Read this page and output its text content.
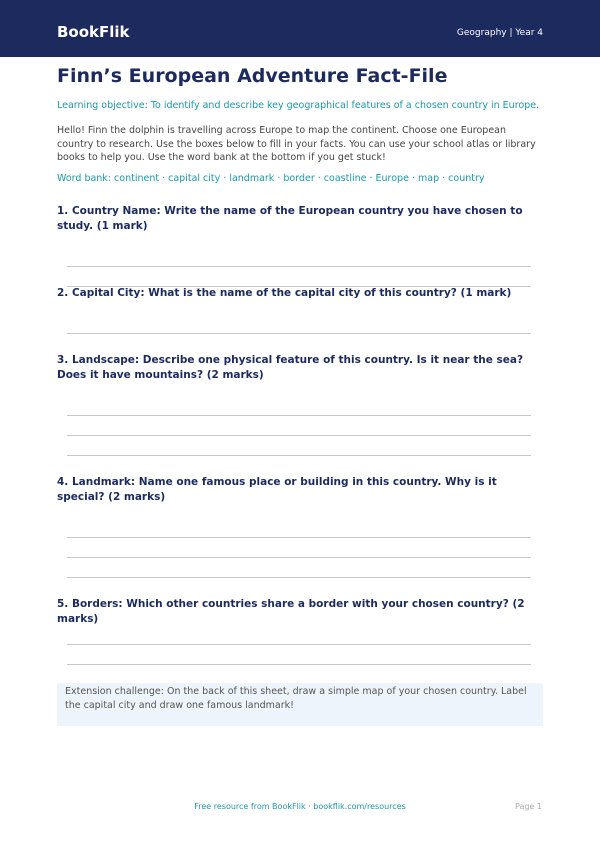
BookFlik	Geography | Year 4
Finn’s European Adventure Fact-File
Learning objective: To identify and describe key geographical features of a chosen country in Europe.
Hello! Finn the dolphin is travelling across Europe to map the continent. Choose one European country to research. Use the boxes below to fill in your facts. You can use your school atlas or library books to help you. Use the word bank at the bottom if you get stuck!
Word bank: continent · capital city · landmark · border · coastline · Europe · map · country
1. Country Name: Write the name of the European country you have chosen to study. (1 mark)
2. Capital City: What is the name of the capital city of this country? (1 mark)
3. Landscape: Describe one physical feature of this country. Is it near the sea? Does it have mountains? (2 marks)
4. Landmark: Name one famous place or building in this country. Why is it special? (2 marks)
5. Borders: Which other countries share a border with your chosen country? (2 marks)
Extension challenge: On the back of this sheet, draw a simple map of your chosen country. Label the capital city and draw one famous landmark!
Free resource from BookFlik · bookflik.com/resources	Page 1
